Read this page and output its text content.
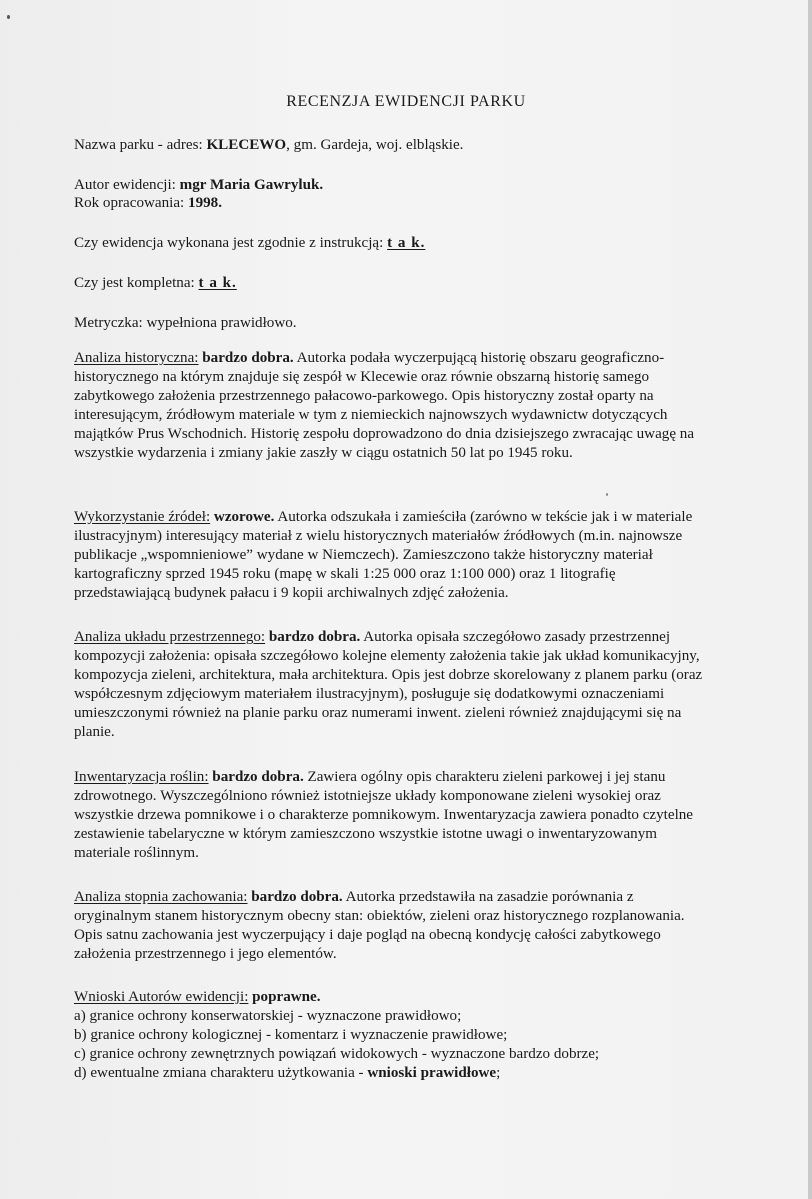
RECENZJA EWIDENCJI PARKU

Nazwa parku - adres: KLECEWO, gm. Gardeja, woj. elbląskie.

Autor ewidencji: mgr Maria Gawryluk.

Rok opracowania: 1998.

Czy ewidencja wykonana jest zgodnie z instrukcją: t a k.

Czy jest kompletna: t a k.

Metryczka: wypełniona prawidłowo.

Analiza historyczna: bardzo dobra. Autorka podała wyczerpującą historię obszaru geograficzno-historycznego na którym znajduje się zespół w Klecewie oraz równie obszarną historię samego zabytkowego założenia przestrzennego pałacowo-parkowego. Opis historyczny został oparty na interesującym, źródłowym materiale w tym z niemieckich najnowszych wydawnictw dotyczących majątków Prus Wschodnich. Historię zespołu doprowadzono do dnia dzisiejszego zwracając uwagę na wszystkie wydarzenia i zmiany jakie zaszły w ciągu ostatnich 50 lat po 1945 roku.

Wykorzystanie źródeł: wzorowe. Autorka odszukała i zamieściła (zarówno w tekście jak i w materiale ilustracyjnym) interesujący materiał z wielu historycznych materiałów źródłowych (m.in. najnowsze publikacje „wspomnieniowe” wydane w Niemczech). Zamieszczono także historyczny materiał kartograficzny sprzed 1945 roku (mapę w skali 1:25 000 oraz 1:100 000) oraz 1 litografię przedstawiającą budynek pałacu i 9 kopii archiwalnych zdjęć założenia.

Analiza układu przestrzennego: bardzo dobra. Autorka opisała szczegółowo zasady przestrzennej kompozycji założenia: opisała szczegółowo kolejne elementy założenia takie jak układ komunikacyjny, kompozycja zieleni, architektura, mała architektura. Opis jest dobrze skorelowany z planem parku (oraz współczesnym zdjęciowym materiałem ilustracyjnym), posługuje się dodatkowymi oznaczeniami umieszczonymi również na planie parku oraz numerami inwent. zieleni również znajdującymi się na planie.

Inwentaryzacja roślin: bardzo dobra. Zawiera ogólny opis charakteru zieleni parkowej i jej stanu zdrowotnego. Wyszczególniono również istotniejsze układy komponowane zieleni wysokiej oraz wszystkie drzewa pomnikowe i o charakterze pomnikowym. Inwentaryzacja zawiera ponadto czytelne zestawienie tabelaryczne w którym zamieszczono wszystkie istotne uwagi o inwentaryzowanym materiale roślinnym.

Analiza stopnia zachowania: bardzo dobra. Autorka przedstawiła na zasadzie porównania z oryginalnym stanem historycznym obecny stan: obiektów, zieleni oraz historycznego rozplanowania. Opis satnu zachowania jest wyczerpujący i daje pogląd na obecną kondycję całości zabytkowego założenia przestrzennego i jego elementów.

Wnioski Autorów ewidencji: poprawne.
a) granice ochrony konserwatorskiej - wyznaczone prawidłowo;
b) granice ochrony kologicznej - komentarz i wyznaczenie prawidłowe;
c) granice ochrony zewnętrznych powiązań widokowych - wyznaczone bardzo dobrze;
d) ewentualne zmiana charakteru użytkowania - wnioski prawidłowe;
